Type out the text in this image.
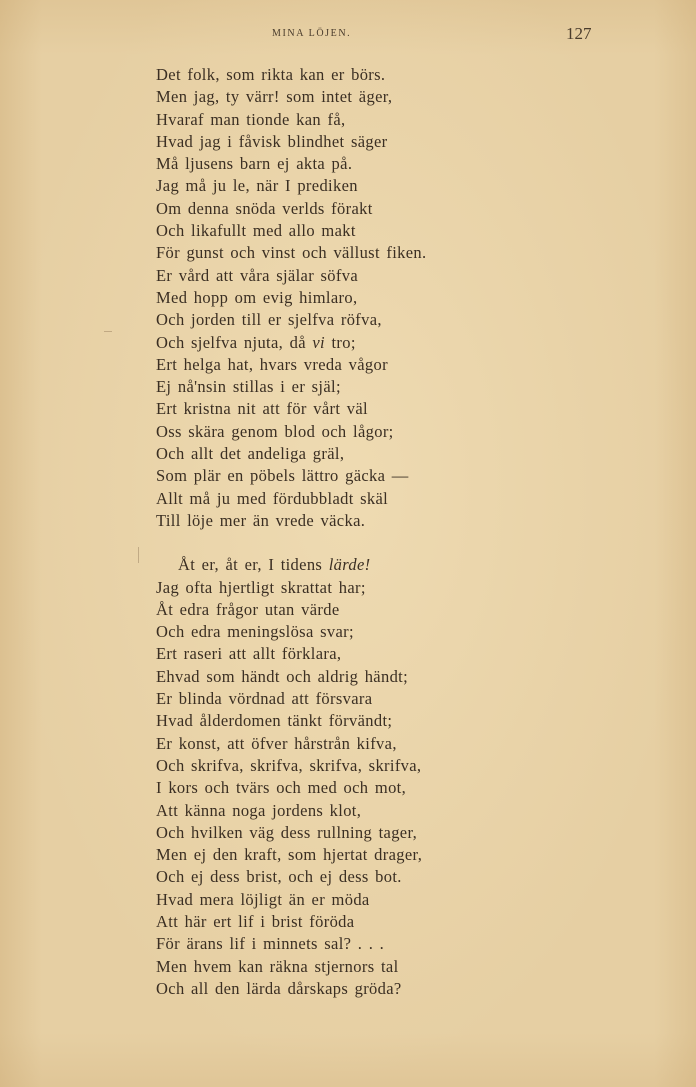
MINA LÖJEN.	127
Det folk, som rikta kan er börs.
Men jag, ty värr! som intet äger,
Hvaraf man tionde kan få,
Hvad jag i fåvisk blindhet säger
Må ljusens barn ej akta på.
Jag må ju le, när I prediken
Om denna snöda verlds förakt
Och likafullt med allo makt
För gunst och vinst och vällust fiken.
Er vård att våra själar söfva
Med hopp om evig himlaro,
Och jorden till er sjelfva röfva,
Och sjelfva njuta, då vi tro;
Ert helga hat, hvars vreda vågor
Ej nå'nsin stillas i er själ;
Ert kristna nit att för vårt väl
Oss skära genom blod och lågor;
Och allt det andeliga gräl,
Som plär en pöbels lättro gäcka —
Allt må ju med fördubbladt skäl
Till löje mer än vrede väcka.
Åt er, åt er, I tidens lärde!
Jag ofta hjertligt skrattat har;
Åt edra frågor utan värde
Och edra meningslösa svar;
Ert raseri att allt förklara,
Ehvad som händt och aldrig händt;
Er blinda vördnad att försvara
Hvad ålderdomen tänkt förvändt;
Er konst, att öfver hårstrån kifva,
Och skrifva, skrifva, skrifva, skrifva,
I kors och tvärs och med och mot,
Att känna noga jordens klot,
Och hvilken väg dess rullning tager,
Men ej den kraft, som hjertat drager,
Och ej dess brist, och ej dess bot.
Hvad mera löjligt än er möda
Att här ert lif i brist föröda
För ärans lif i minnets sal? . . .
Men hvem kan räkna stjernors tal
Och all den lärda dårskaps gröda?
